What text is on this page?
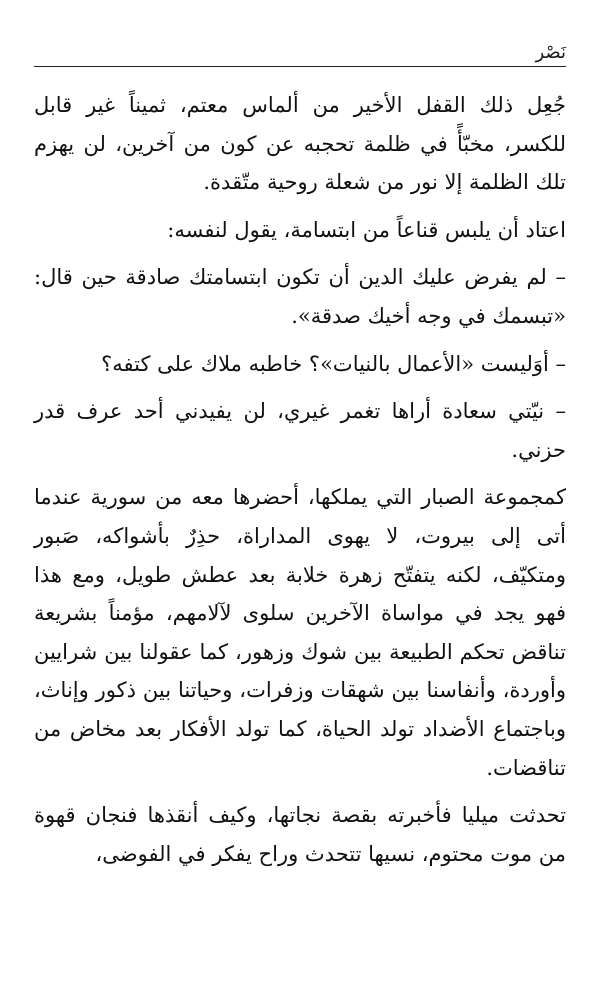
نَصْر

جُعِل ذلك القفل الأخير من ألماس معتم، ثميناً غير قابل للكسر، مخبّأً في ظلمة تحجبه عن كون من آخرين، لن يهزم تلك الظلمة إلا نور من شعلة روحية متّقدة.

اعتاد أن يلبس قناعاً من ابتسامة، يقول لنفسه:

– لم يفرض عليك الدين أن تكون ابتسامتك صادقة حين قال: «تبسمك في وجه أخيك صدقة».

– أوَليست «الأعمال بالنيات»؟ خاطبه ملاك على كتفه؟

– نيّتي سعادة أراها تغمر غيري، لن يفيدني أحد عرف قدر حزني.

كمجموعة الصبار التي يملكها، أحضرها معه من سورية عندما أتى إلى بيروت، لا يهوى المداراة، حذِرٌ بأشواكه، صَبور ومتكيّف، لكنه يتفتّح زهرة خلابة بعد عطش طويل، ومع هذا فهو يجد في مواساة الآخرين سلوى لآلامهم، مؤمناً بشريعة تناقض تحكم الطبيعة بين شوك وزهور، كما عقولنا بين شرايين وأوردة، وأنفاسنا بين شهقات وزفرات، وحياتنا بين ذكور وإناث، وباجتماع الأضداد تولد الحياة، كما تولد الأفكار بعد مخاض من تناقضات.

تحدثت ميليا فأخبرته بقصة نجاتها، وكيف أنقذها فنجان قهوة من موت محتوم، نسيها تتحدث وراح يفكر في الفوضى،
